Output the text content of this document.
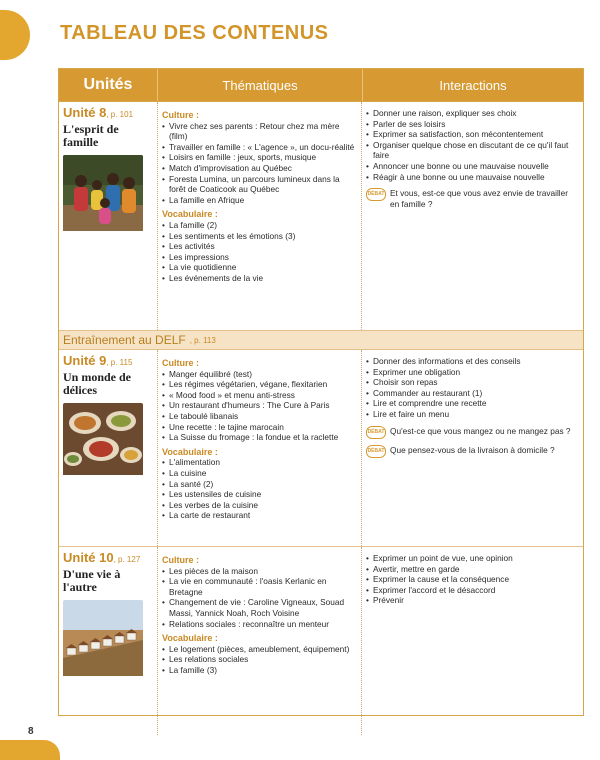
TABLEAU DES CONTENUS
Unités	Thématiques	Interactions
Unité 8, p. 101
L'esprit de famille
Culture :
• Vivre chez ses parents : Retour chez ma mère (film)
• Travailler en famille : « L'agence », un docu-réalité
• Loisirs en famille : jeux, sports, musique
• Match d'improvisation au Québec
• Foresta Lumina, un parcours lumineux dans la forêt de Coaticook au Québec
• La famille en Afrique
Vocabulaire :
• La famille (2)
• Les sentiments et les émotions (3)
• Les activités
• Les impressions
• La vie quotidienne
• Les événements de la vie
• Donner une raison, expliquer ses choix
• Parler de ses loisirs
• Exprimer sa satisfaction, son mécontentement
• Organiser quelque chose en discutant de ce qu'il faut faire
• Annoncer une bonne ou une mauvaise nouvelle
• Réagir à une bonne ou une mauvaise nouvelle
DÉBAT Et vous, est-ce que vous avez envie de travailler en famille ?
Entraînement au DELF , p. 113
Unité 9, p. 115
Un monde de délices
Culture :
• Manger équilibré (test)
• Les régimes végétarien, végane, flexitarien
• « Mood food » et menu anti-stress
• Un restaurant d'humeurs : The Cure à Paris
• Le taboulé libanais
• Une recette : le tajine marocain
• La Suisse du fromage : la fondue et la raclette
Vocabulaire :
• L'alimentation
• La cuisine
• La santé (2)
• Les ustensiles de cuisine
• Les verbes de la cuisine
• La carte de restaurant
• Donner des informations et des conseils
• Exprimer une obligation
• Choisir son repas
• Commander au restaurant (1)
• Lire et comprendre une recette
• Lire et faire un menu
DÉBAT Qu'est-ce que vous mangez ou ne mangez pas ?
DÉBAT Que pensez-vous de la livraison à domicile ?
Unité 10, p. 127
D'une vie à l'autre
Culture :
• Les pièces de la maison
• La vie en communauté : l'oasis Kerlanic en Bretagne
• Changement de vie : Caroline Vigneaux, Souad Massi, Yannick Noah, Roch Voisine
• Relations sociales : reconnaître un menteur
Vocabulaire :
• Le logement (pièces, ameublement, équipement)
• Les relations sociales
• La famille (3)
• Exprimer un point de vue, une opinion
• Avertir, mettre en garde
• Exprimer la cause et la conséquence
• Exprimer l'accord et le désaccord
• Prévenir
8
